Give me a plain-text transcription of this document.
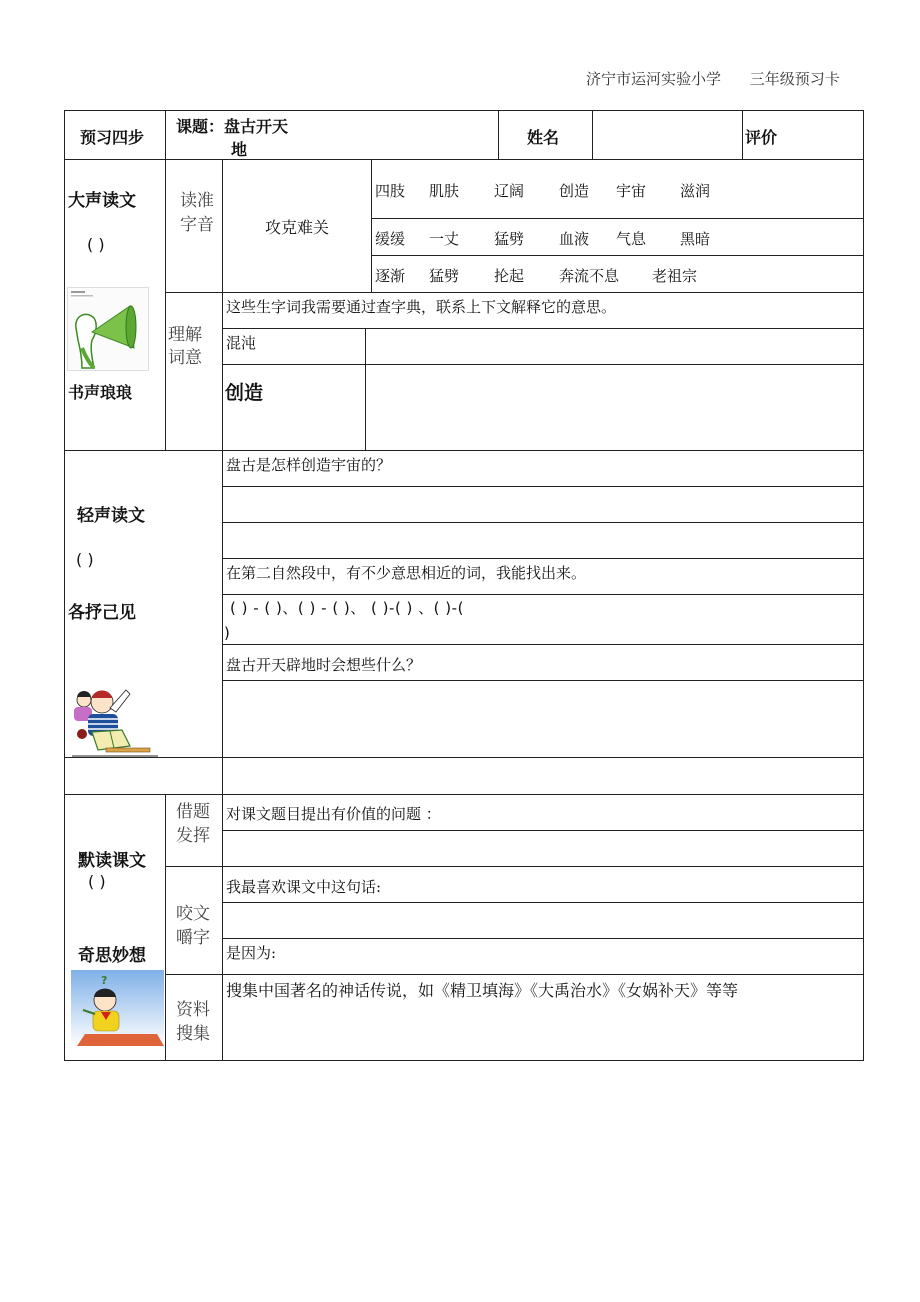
济宁市运河实验小学 三年级预习卡
预习四步
课题：盘古开天
地
姓名	评价
大声读文
( )
书声琅琅
读准
字音	攻克难关
四肢 肌肤 辽阔 创造 宇宙 滋润
缓缓 一丈 猛劈 血液 气息 黑暗
逐渐 猛劈 抡起 奔流不息 老祖宗
理解
词意
这些生字词我需要通过查字典，联系上下文解释它的意思。
混沌
创造
轻声读文
( )
各抒己见
盘古是怎样创造宇宙的？
在第二自然段中，有不少意思相近的词，我能找出来。
( ) - ( )、( ) - ( )、 ( )-( ) 、( )-(
)
盘古开天辟地时会想些什么？
默读课文
( )
奇思妙想
?
借题
发挥
对课文题目提出有价值的问题 ：
咬文
嚼字
我最喜欢课文中这句话:
是因为:
资料
搜集
搜集中国著名的神话传说，如《精卫填海》《大禹治水》《女娲补天》等等
